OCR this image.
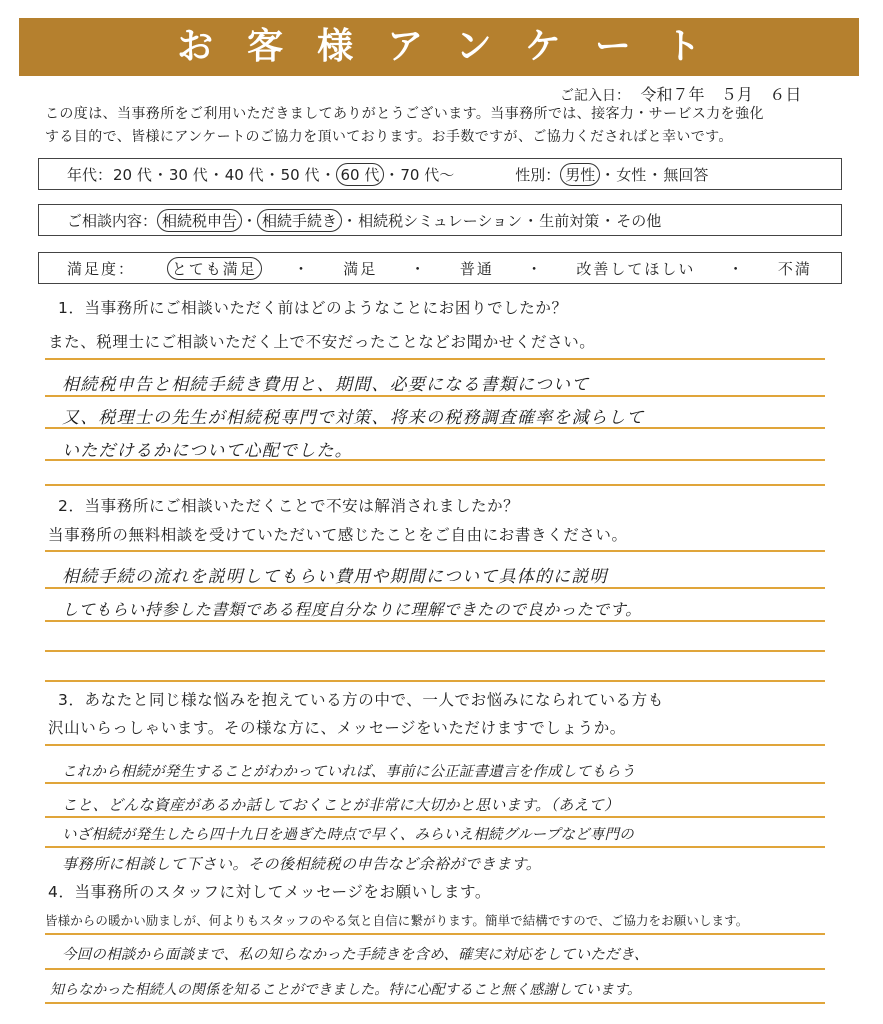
お客様アンケート
ご記入日： 令和７年 ５月 ６日
この度は、当事務所をご利用いただきましてありがとうございます。当事務所では、接客力・サービス力を強化
する目的で、皆様にアンケートのご協力を頂いております。お手数ですが、ご協力くださればと幸いです。
年代： 20 代 ・ 30 代 ・ 40 代 ・ 50 代 ・ 60 代 ・ 70 代〜	性別： 男性 ・ 女性 ・ 無回答
ご相談内容： 相続税申告 ・ 相続手続き ・ 相続税シミュレーション ・ 生前対策 ・ その他
満足度：	とても満足	・ 満足 ・ 普通 ・ 改善してほしい ・ 不満
1．当事務所にご相談いただく前はどのようなことにお困りでしたか？
また、税理士にご相談いただく上で不安だったことなどお聞かせください。
相続税申告と相続手続き費用と、期間、必要になる書類について
又、税理士の先生が相続税専門で対策、将来の税務調査確率を減らして
いただけるかについて心配でした。
2．当事務所にご相談いただくことで不安は解消されましたか？
当事務所の無料相談を受けていただいて感じたことをご自由にお書きください。
相続手続の流れを説明してもらい費用や期間について具体的に説明
してもらい持参した書類である程度自分なりに理解できたので良かったです。
3．あなたと同じ様な悩みを抱えている方の中で、一人でお悩みになられている方も
沢山いらっしゃいます。その様な方に、メッセージをいただけますでしょうか。
これから相続が発生することがわかっていれば、事前に公正証書遺言を作成してもらう
こと、どんな資産があるか話しておくことが非常に大切かと思います。（あえて）
いざ相続が発生したら四十九日を過ぎた時点で早く、みらいえ相続グループなど専門の
事務所に相談して下さい。その後相続税の申告など余裕ができます。
4．当事務所のスタッフに対してメッセージをお願いします。
皆様からの暖かい励ましが、何よりもスタッフのやる気と自信に繋がります。簡単で結構ですので、ご協力をお願いします。
今回の相談から面談まで、私の知らなかった手続きを含め、確実に対応をしていただき、
知らなかった相続人の関係を知ることができました。特に心配すること無く感謝しています。
